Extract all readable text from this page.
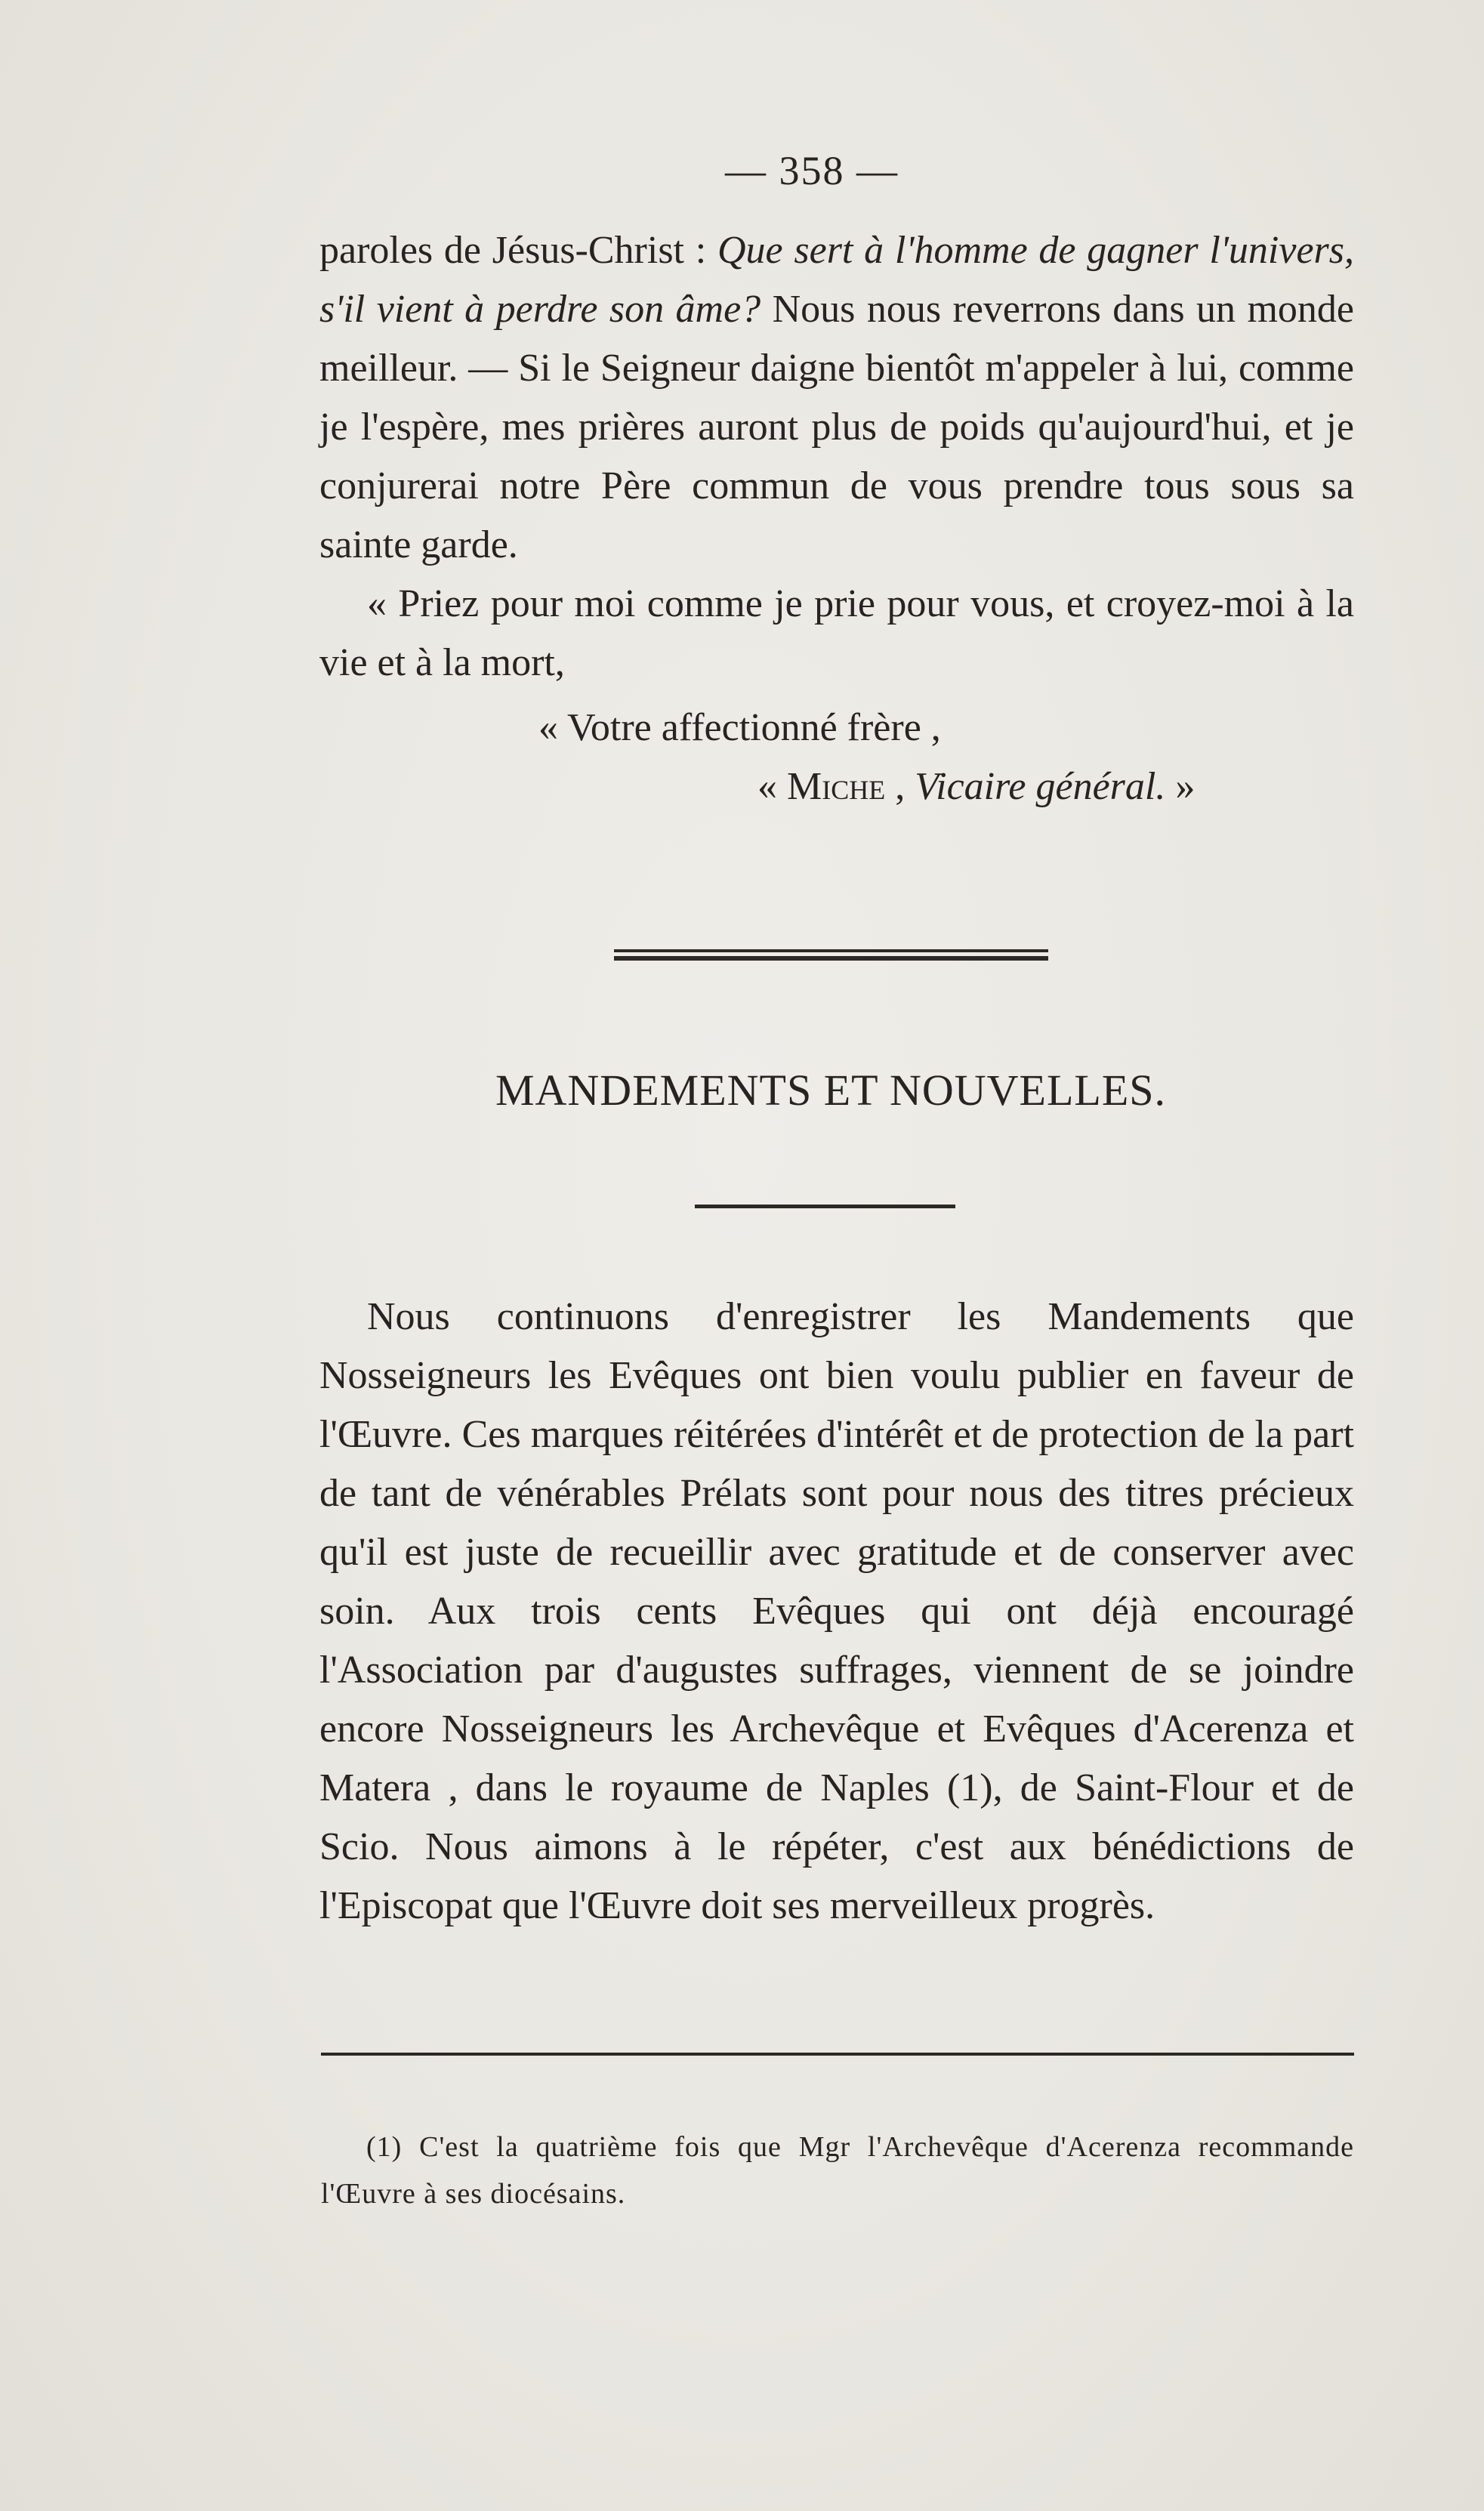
— 358 —

paroles de Jésus-Christ : Que sert à l'homme de gagner l'univers, s'il vient à perdre son âme? Nous nous reverrons dans un monde meilleur. — Si le Seigneur daigne bientôt m'appeler à lui, comme je l'espère, mes prières auront plus de poids qu'aujourd'hui, et je conjurerai notre Père commun de vous prendre tous sous sa sainte garde.

« Priez pour moi comme je prie pour vous, et croyez-moi à la vie et à la mort,

« Votre affectionné frère ,
« Miche , Vicaire général. »
MANDEMENTS ET NOUVELLES.

Nous continuons d'enregistrer les Mandements que Nosseigneurs les Evêques ont bien voulu publier en faveur de l'Œuvre. Ces marques réitérées d'intérêt et de protection de la part de tant de vénérables Prélats sont pour nous des titres précieux qu'il est juste de recueillir avec gratitude et de conserver avec soin. Aux trois cents Evêques qui ont déjà encouragé l'Association par d'augustes suffrages, viennent de se joindre encore Nosseigneurs les Archevêque et Evêques d'Acerenza et Matera , dans le royaume de Naples (1), de Saint-Flour et de Scio. Nous aimons à le répéter, c'est aux bénédictions de l'Episcopat que l'Œuvre doit ses merveilleux progrès.

(1) C'est la quatrième fois que Mgr l'Archevêque d'Acerenza recommande l'Œuvre à ses diocésains.
